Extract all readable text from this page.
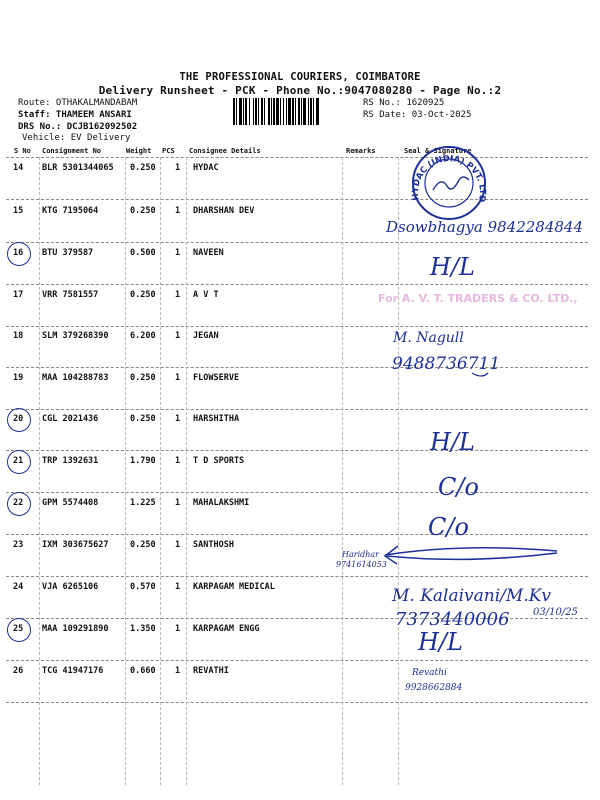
THE PROFESSIONAL COURIERS, COIMBATORE
Delivery Runsheet - PCK - Phone No.:9047080280 - Page No.:2
Route: OTHAKALMANDABAM
Staff: THAMEEM ANSARI
DRS No.: DCJB162092502
Vehicle: EV Delivery
RS No.: 1620925
RS Date: 03-Oct-2025
S No Consignment No	Weight PCS Consignee Details	Remarks	Seal & Signature
14 BLR 5301344065 0.250 1 HYDAC
15 KTG 7195064	0.250 1 DHARSHAN DEV
16 BTU 379587	0.500 1 NAVEEN
17 VRR 7581557	0.250 1 A V T
18 SLM 379268390	6.200 1 JEGAN
19 MAA 104288783	0.250 1 FLOWSERVE
20 CGL 2021436	0.250 1 HARSHITHA
21 TRP 1392631	1.790 1 T D SPORTS
22 GPM 5574408	1.225 1 MAHALAKSHMI
23 IXM 303675627	0.250 1 SANTHOSH
24 VJA 6265106	0.570 1 KARPAGAM MEDICAL
25 MAA 109291890	1.350 1 KARPAGAM ENGG
26 TCG 41947176	0.660 1 REVATHI
HYDAC (INDIA) PVT. LTD
Dsowbhagya 9842284844
H/L
For A. V. T. TRADERS & CO. LTD.,
M. Nagull
9488736711
H/L
C/o
C/o
Haridhar
9741614053
M. Kalaivani/M.Kv
7373440006 03/10/25
H/L
Revathi
9928662884
